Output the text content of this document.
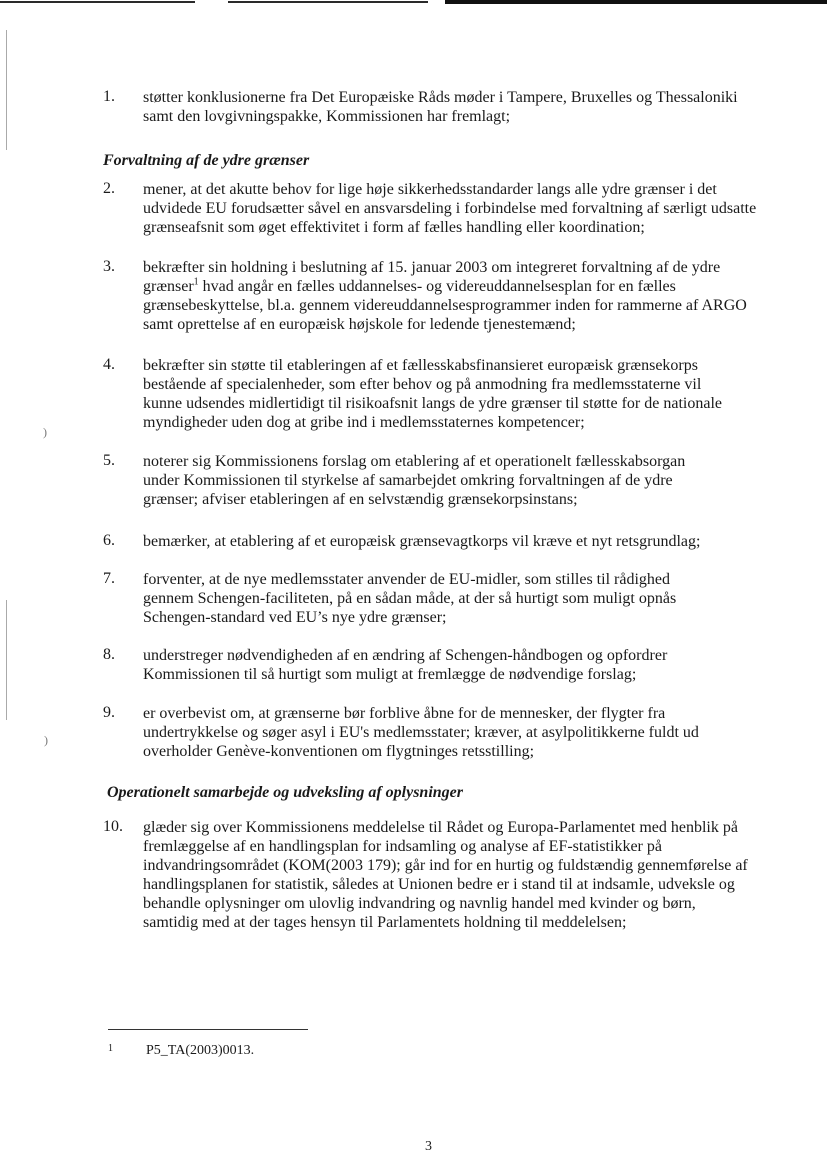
)
)
1. støtter konklusionerne fra Det Europæiske Råds møder i Tampere, Bruxelles og Thessaloniki samt den lovgivningspakke, Kommissionen har fremlagt;
Forvaltning af de ydre grænser
2. mener, at det akutte behov for lige høje sikkerhedsstandarder langs alle ydre grænser i det udvidede EU forudsætter såvel en ansvarsdeling i forbindelse med forvaltning af særligt udsatte grænseafsnit som øget effektivitet i form af fælles handling eller koordination;
3. bekræfter sin holdning i beslutning af 15. januar 2003 om integreret forvaltning af de ydre grænser$^1$ hvad angår en fælles uddannelses- og videreuddannelsesplan for en fælles grænsebeskyttelse, bl.a. gennem videreuddannelsesprogrammer inden for rammerne af ARGO samt oprettelse af en europæisk højskole for ledende tjenestemænd;
4. bekræfter sin støtte til etableringen af et fællesskabsfinansieret europæisk grænsekorps bestående af specialenheder, som efter behov og på anmodning fra medlemsstaterne vil kunne udsendes midlertidigt til risikoafsnit langs de ydre grænser til støtte for de nationale myndigheder uden dog at gribe ind i medlemsstaternes kompetencer;
5. noterer sig Kommissionens forslag om etablering af et operationelt fællesskabsorgan under Kommissionen til styrkelse af samarbejdet omkring forvaltningen af de ydre grænser; afviser etableringen af en selvstændig grænsekorpsinstans;
6. bemærker, at etablering af et europæisk grænsevagtkorps vil kræve et nyt retsgrundlag;
7. forventer, at de nye medlemsstater anvender de EU-midler, som stilles til rådighed gennem Schengen-faciliteten, på en sådan måde, at der så hurtigt som muligt opnås Schengen-standard ved EU’s nye ydre grænser;
8. understreger nødvendigheden af en ændring af Schengen-håndbogen og opfordrer Kommissionen til så hurtigt som muligt at fremlægge de nødvendige forslag;
9. er overbevist om, at grænserne bør forblive åbne for de mennesker, der flygter fra undertrykkelse og søger asyl i EU's medlemsstater; kræver, at asylpolitikkerne fuldt ud overholder Genève-konventionen om flygtninges retsstilling;
Operationelt samarbejde og udveksling af oplysninger
10. glæder sig over Kommissionens meddelelse til Rådet og Europa-Parlamentet med henblik på fremlæggelse af en handlingsplan for indsamling og analyse af EF-statistikker på indvandringsområdet (KOM(2003 179); går ind for en hurtig og fuldstændig gennemførelse af handlingsplanen for statistik, således at Unionen bedre er i stand til at indsamle, udveksle og behandle oplysninger om ulovlig indvandring og navnlig handel med kvinder og børn, samtidig med at der tages hensyn til Parlamentets holdning til meddelelsen;
1 P5_TA(2003)0013.
3
